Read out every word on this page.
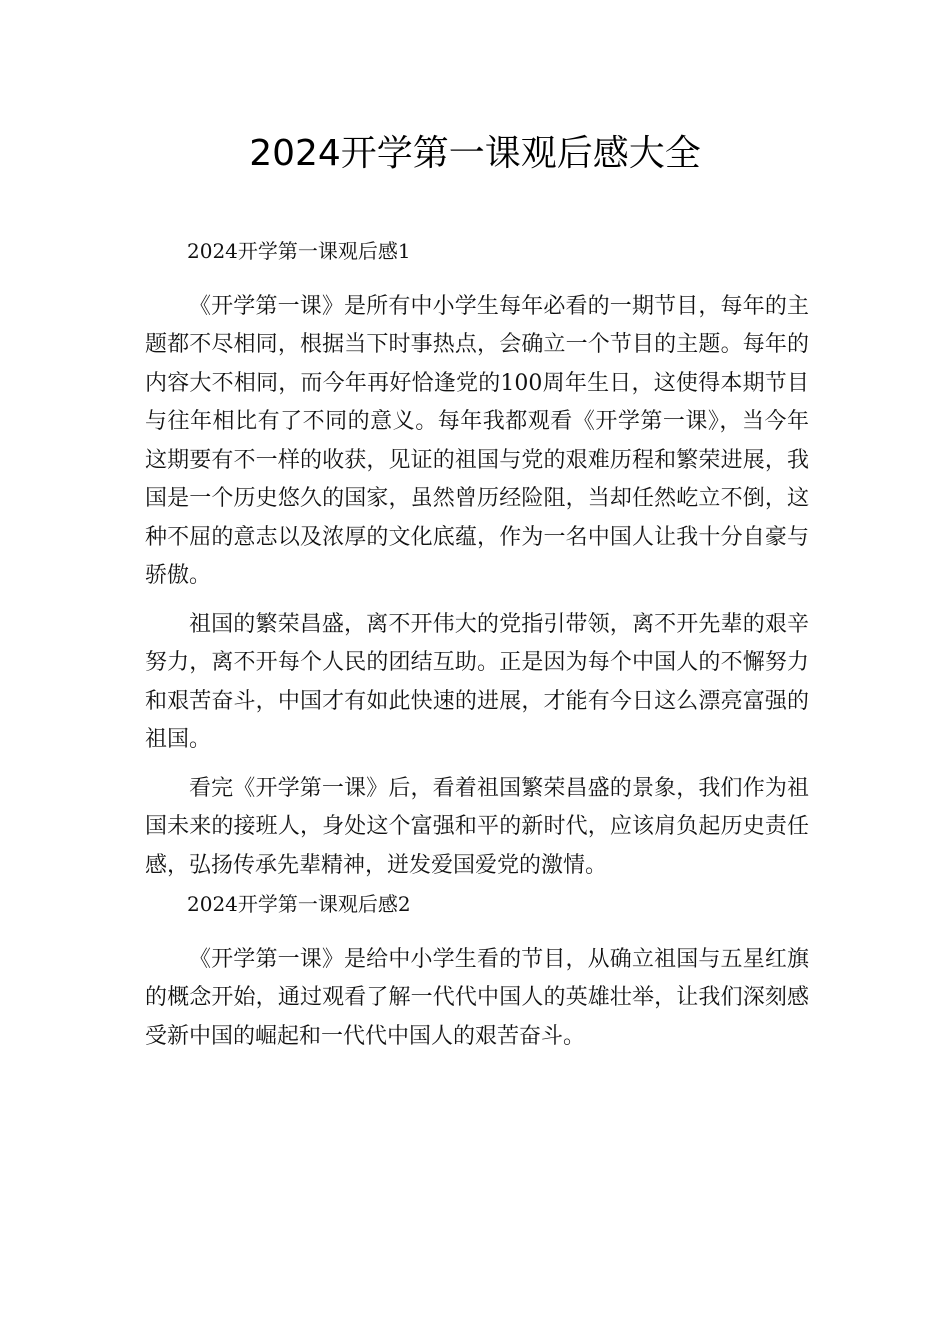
2024开学第一课观后感大全

2024开学第一课观后感1

《开学第一课》是所有中小学生每年必看的一期节目，每年的主题都不尽相同，根据当下时事热点，会确立一个节目的主题。每年的内容大不相同，而今年再好恰逢党的100周年生日，这使得本期节目与往年相比有了不同的意义。每年我都观看《开学第一课》，当今年这期要有不一样的收获，见证的祖国与党的艰难历程和繁荣进展，我国是一个历史悠久的国家，虽然曾历经险阻，当却任然屹立不倒，这种不屈的意志以及浓厚的文化底蕴，作为一名中国人让我十分自豪与骄傲。

祖国的繁荣昌盛，离不开伟大的党指引带领，离不开先辈的艰辛努力，离不开每个人民的团结互助。正是因为每个中国人的不懈努力和艰苦奋斗，中国才有如此快速的进展，才能有今日这么漂亮富强的祖国。

看完《开学第一课》后，看着祖国繁荣昌盛的景象，我们作为祖国未来的接班人，身处这个富强和平的新时代，应该肩负起历史责任感，弘扬传承先辈精神，迸发爱国爱党的激情。

2024开学第一课观后感2

《开学第一课》是给中小学生看的节目，从确立祖国与五星红旗的概念开始，通过观看了解一代代中国人的英雄壮举，让我们深刻感受新中国的崛起和一代代中国人的艰苦奋斗。
